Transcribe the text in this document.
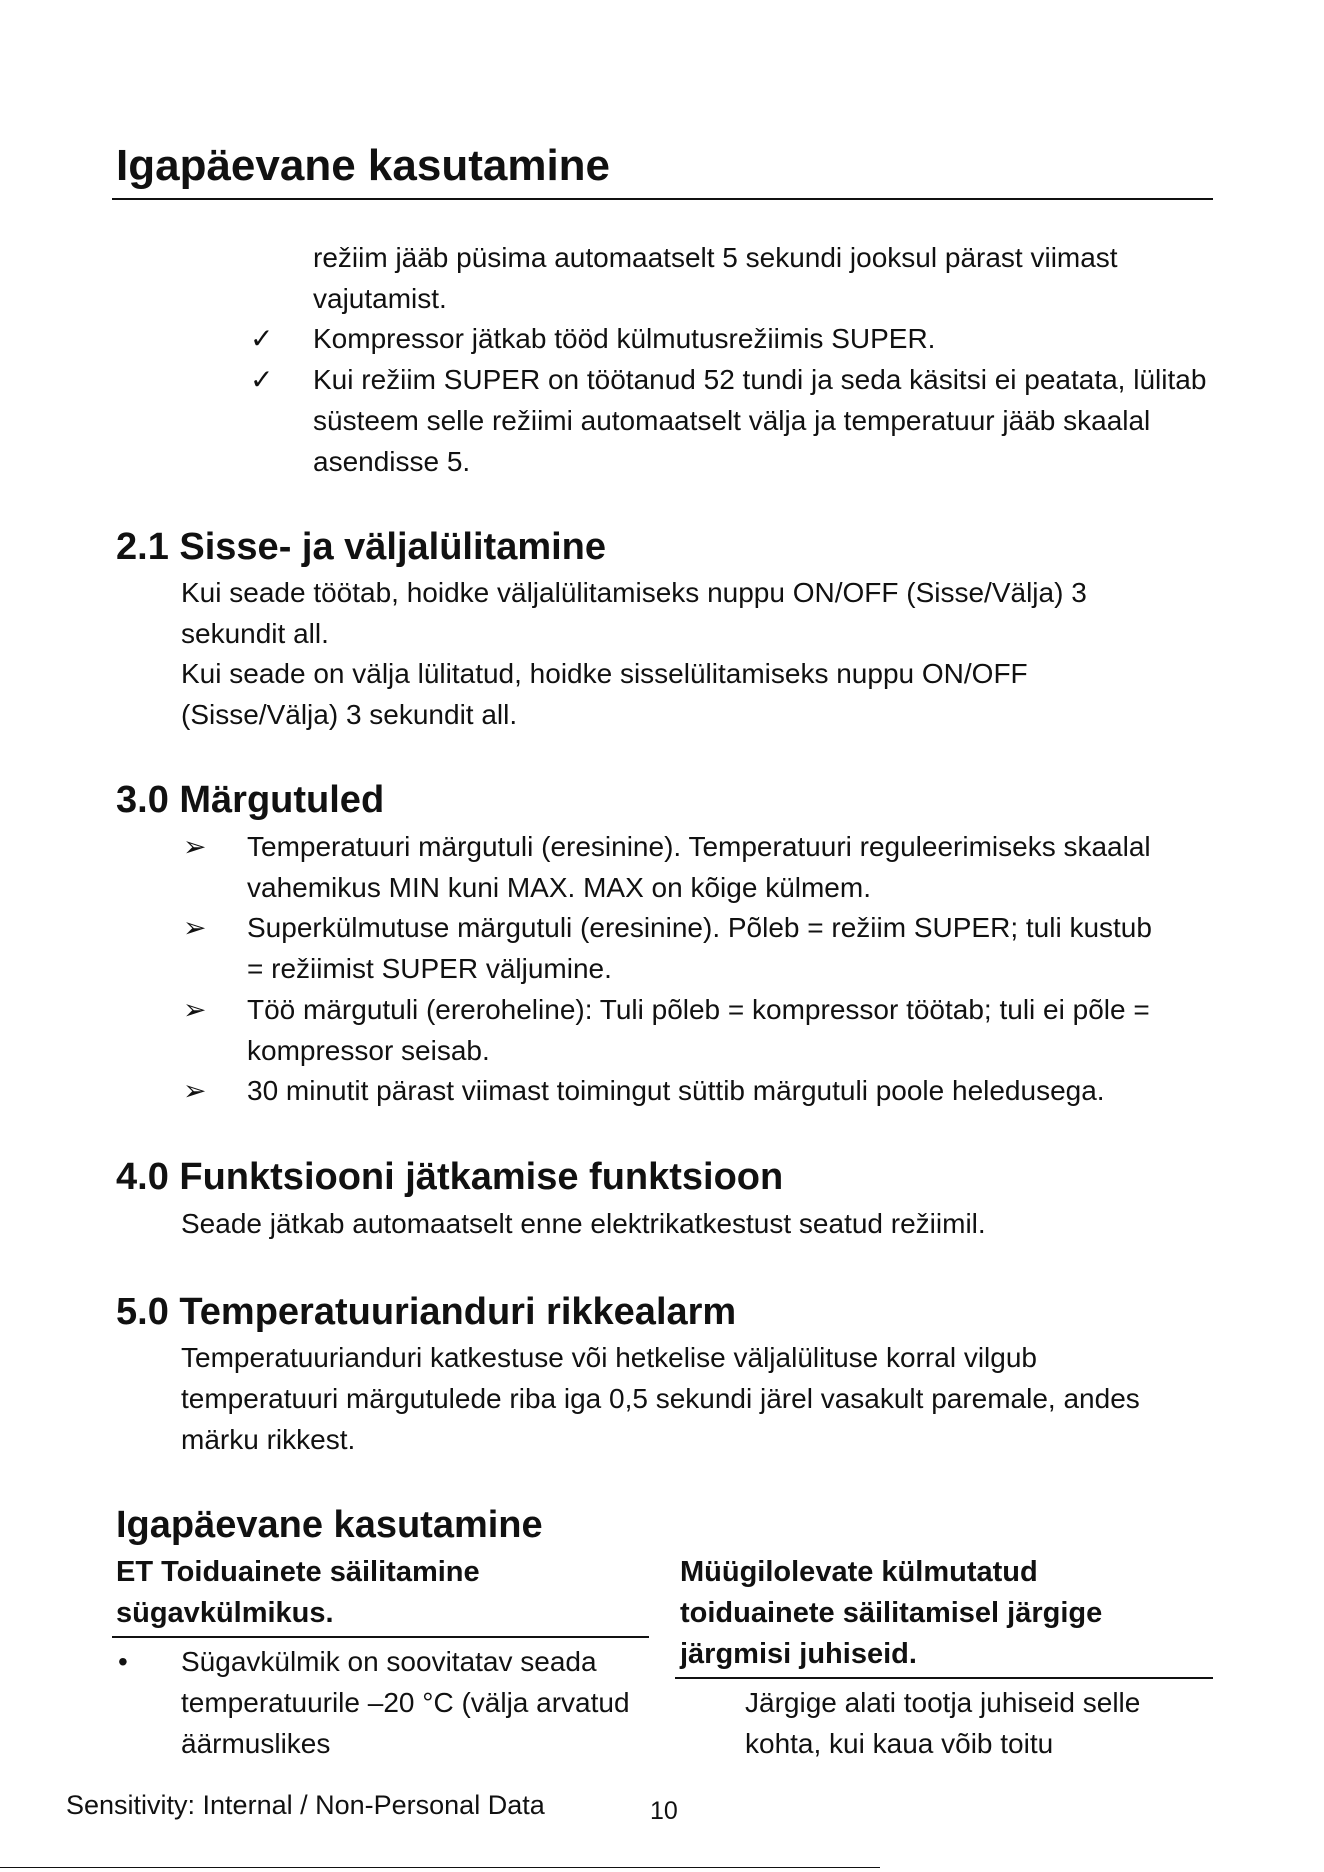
Igapäevane kasutamine

režiim jääb püsima automaatselt 5 sekundi jooksul pärast viimast vajutamist.

✓ Kompressor jätkab tööd külmutusrežiimis SUPER.

✓ Kui režiim SUPER on töötanud 52 tundi ja seda käsitsi ei peatata, lülitab süsteem selle režiimi automaatselt välja ja temperatuur jääb skaalal asendisse 5.

2.1 Sisse- ja väljalülitamine

Kui seade töötab, hoidke väljalülitamiseks nuppu ON/OFF (Sisse/Välja) 3 sekundit all.

Kui seade on välja lülitatud, hoidke sisselülitamiseks nuppu ON/OFF (Sisse/Välja) 3 sekundit all.

3.0 Märgutuled
➢ Temperatuuri märgutuli (eresinine). Temperatuuri reguleerimiseks skaalal vahemikus MIN kuni MAX. MAX on kõige külmem.

➢ Superkülmutuse märgutuli (eresinine). Põleb = režiim SUPER; tuli kustub = režiimist SUPER väljumine.

➢ Töö märgutuli (ereroheline): Tuli põleb = kompressor töötab; tuli ei põle = kompressor seisab.

➢ 30 minutit pärast viimast toimingut süttib märgutuli poole heledusega.

4.0 Funktsiooni jätkamise funktsioon

Seade jätkab automaatselt enne elektrikatkestust seatud režiimil.

5.0 Temperatuurianduri rikkealarm

Temperatuurianduri katkestuse või hetkelise väljalülituse korral vilgub temperatuuri märgutulede riba iga 0,5 sekundi järel vasakult paremale, andes märku rikkest.

Igapäevane kasutamine

ET Toiduainete säilitamine sügavkülmikus.

• Sügavkülmik on soovitatav seada temperatuurile –20 °C (välja arvatud äärmuslikes

Müügilolevate külmutatud toiduainete säilitamisel järgige järgmisi juhiseid.

Järgige alati tootja juhiseid selle kohta, kui kaua võib toitu

Sensitivity: Internal / Non-Personal Data	10
